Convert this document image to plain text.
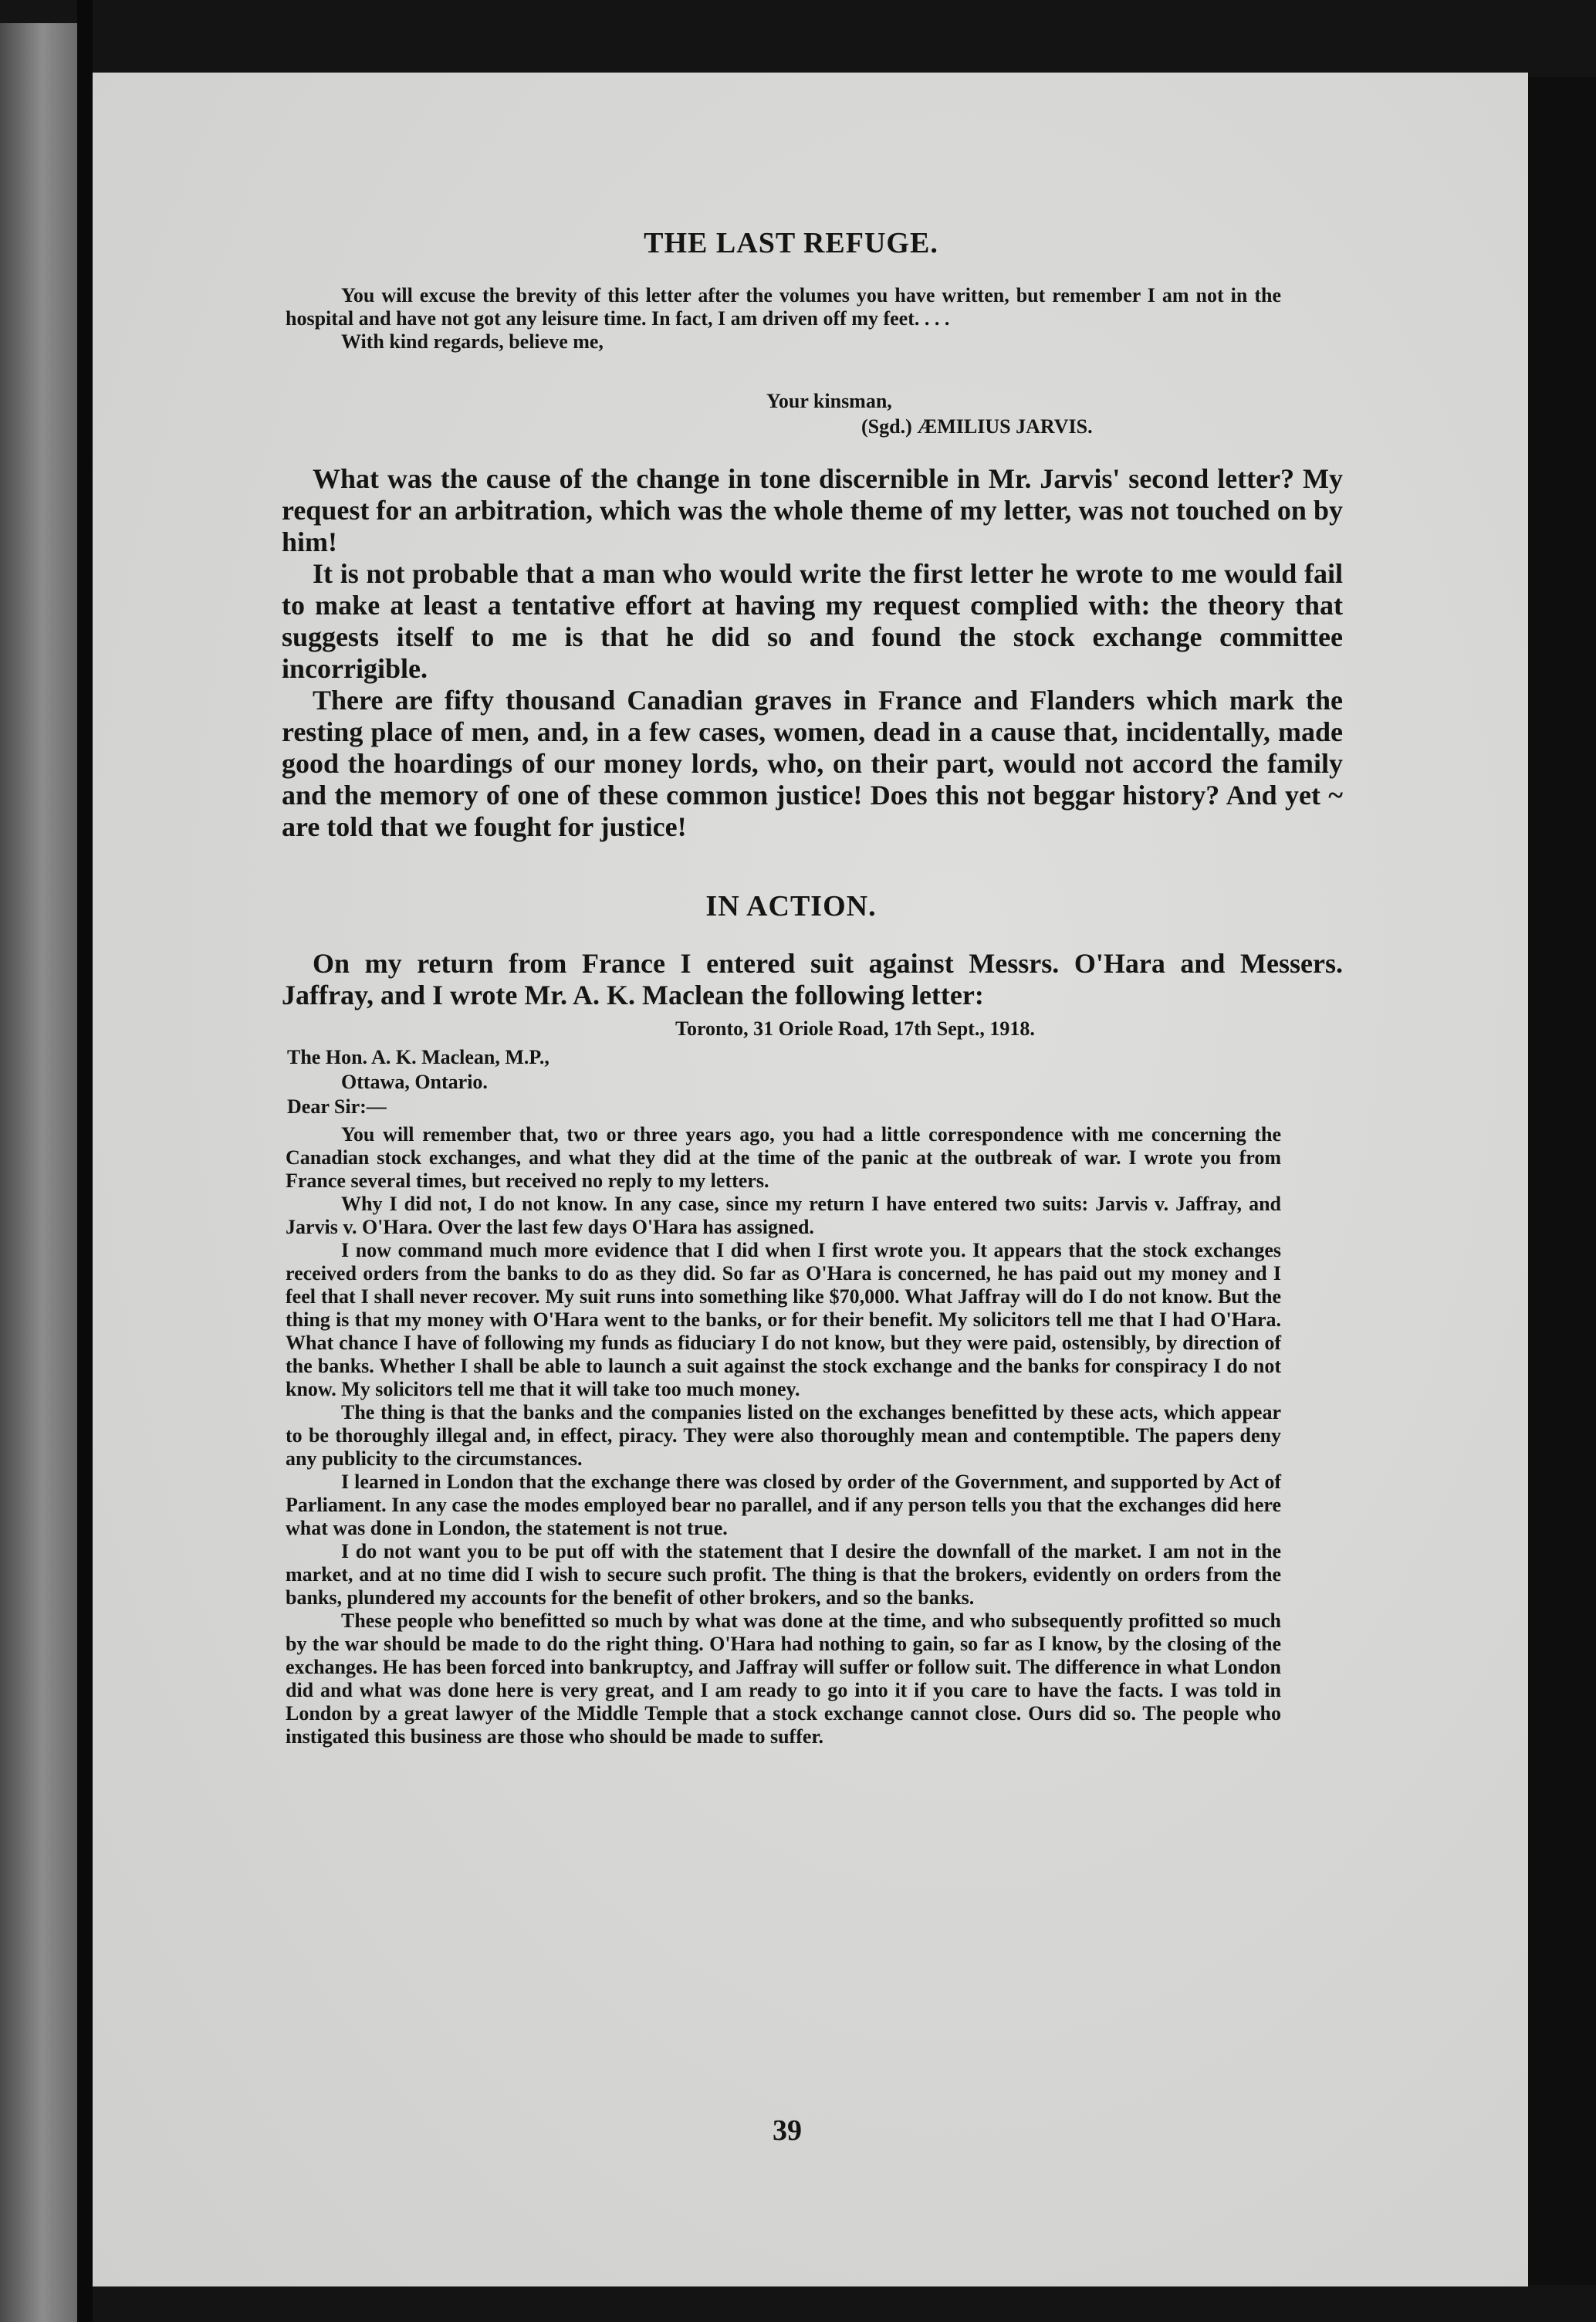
THE LAST REFUGE.

You will excuse the brevity of this letter after the volumes you have written, but remember I am not in the hospital and have not got any leisure time. In fact, I am driven off my feet. . . .

With kind regards, believe me,

Your kinsman,
(Sgd.) ÆMILIUS JARVIS.

What was the cause of the change in tone discernible in Mr. Jarvis' second letter? My request for an arbitration, which was the whole theme of my letter, was not touched on by him!

It is not probable that a man who would write the first letter he wrote to me would fail to make at least a tentative effort at having my request complied with: the theory that suggests itself to me is that he did so and found the stock exchange committee incorrigible.

There are fifty thousand Canadian graves in France and Flanders which mark the resting place of men, and, in a few cases, women, dead in a cause that, incidentally, made good the hoardings of our money lords, who, on their part, would not accord the family and the memory of one of these common justice! Does this not beggar history? And yet ~ are told that we fought for justice!

IN ACTION.

On my return from France I entered suit against Messrs. O'Hara and Messers. Jaffray, and I wrote Mr. A. K. Maclean the following letter:

Toronto, 31 Oriole Road, 17th Sept., 1918.
The Hon. A. K. Maclean, M.P.,
Ottawa, Ontario.
Dear Sir:—

You will remember that, two or three years ago, you had a little correspondence with me concerning the Canadian stock exchanges, and what they did at the time of the panic at the outbreak of war. I wrote you from France several times, but received no reply to my letters.

Why I did not, I do not know. In any case, since my return I have entered two suits: Jarvis v. Jaffray, and Jarvis v. O'Hara. Over the last few days O'Hara has assigned.

I now command much more evidence that I did when I first wrote you. It appears that the stock exchanges received orders from the banks to do as they did. So far as O'Hara is concerned, he has paid out my money and I feel that I shall never recover. My suit runs into something like $70,000. What Jaffray will do I do not know. But the thing is that my money with O'Hara went to the banks, or for their benefit. My solicitors tell me that I had O'Hara. What chance I have of following my funds as fiduciary I do not know, but they were paid, ostensibly, by direction of the banks. Whether I shall be able to launch a suit against the stock exchange and the banks for conspiracy I do not know. My solicitors tell me that it will take too much money.

The thing is that the banks and the companies listed on the exchanges benefitted by these acts, which appear to be thoroughly illegal and, in effect, piracy. They were also thoroughly mean and contemptible. The papers deny any publicity to the circumstances.

I learned in London that the exchange there was closed by order of the Government, and supported by Act of Parliament. In any case the modes employed bear no parallel, and if any person tells you that the exchanges did here what was done in London, the statement is not true.

I do not want you to be put off with the statement that I desire the downfall of the market. I am not in the market, and at no time did I wish to secure such profit. The thing is that the brokers, evidently on orders from the banks, plundered my accounts for the benefit of other brokers, and so the banks.

These people who benefitted so much by what was done at the time, and who subsequently profitted so much by the war should be made to do the right thing. O'Hara had nothing to gain, so far as I know, by the closing of the exchanges. He has been forced into bankruptcy, and Jaffray will suffer or follow suit. The difference in what London did and what was done here is very great, and I am ready to go into it if you care to have the facts. I was told in London by a great lawyer of the Middle Temple that a stock exchange cannot close. Ours did so. The people who instigated this business are those who should be made to suffer.

39
